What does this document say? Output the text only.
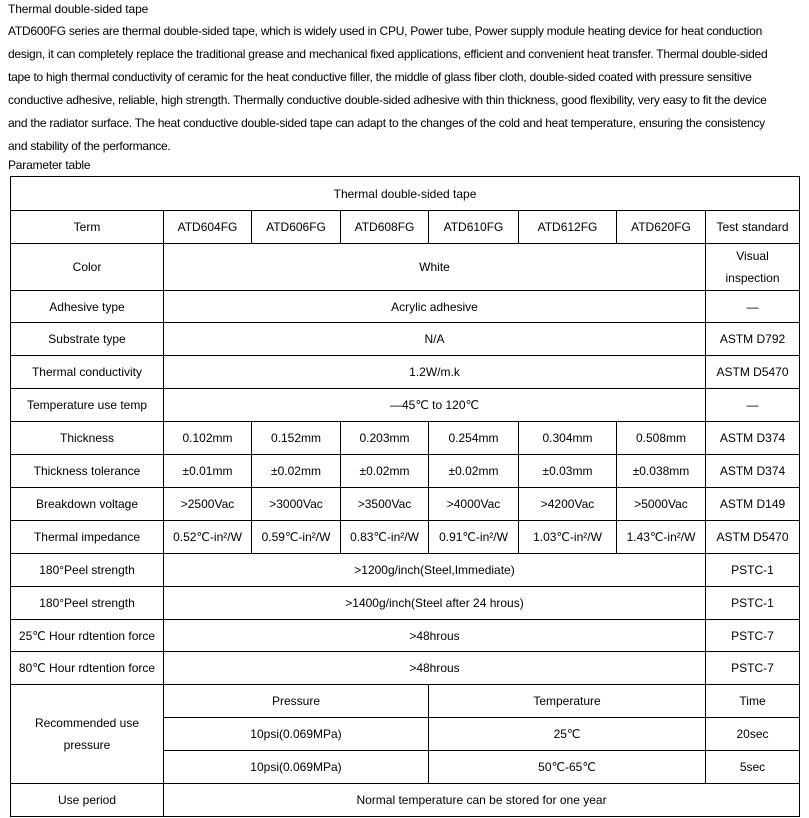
Thermal double-sided tape

ATD600FG series are thermal double-sided tape, which is widely used in CPU, Power tube, Power supply module heating device for heat conduction

design, it can completely replace the traditional grease and mechanical fixed applications, efficient and convenient heat transfer. Thermal double-sided

tape to high thermal conductivity of ceramic for the heat conductive filler, the middle of glass fiber cloth, double-sided coated with pressure sensitive

conductive adhesive, reliable, high strength. Thermally conductive double-sided adhesive with thin thickness, good flexibility, very easy to fit the device

and the radiator surface. The heat conductive double-sided tape can adapt to the changes of the cold and heat temperature, ensuring the consistency

and stability of the performance.

Parameter table
Thermal double-sided tape							
Term	ATD604FG	ATD606FG	ATD608FG	ATD610FG	ATD612FG	ATD620FG	Test standard
Color	White						Visual inspection
Adhesive type	Acrylic adhesive						—
Substrate type	N/A						ASTM D792
Thermal conductivity	1.2W/m.k						ASTM D5470
Temperature use temp	—45℃ to 120℃						—
Thickness	0.102mm	0.152mm	0.203mm	0.254mm	0.304mm	0.508mm	ASTM D374
Thickness tolerance	±0.01mm	±0.02mm	±0.02mm	±0.02mm	±0.03mm	±0.038mm	ASTM D374
Breakdown voltage	>2500Vac	>3000Vac	>3500Vac	>4000Vac	>4200Vac	>5000Vac	ASTM D149
Thermal impedance	0.52℃-in²/W	0.59℃-in²/W	0.83℃-in²/W	0.91℃-in²/W	1.03℃-in²/W	1.43℃-in²/W	ASTM D5470
180°Peel strength	>1200g/inch(Steel,Immediate)						PSTC-1
180°Peel strength	>1400g/inch(Steel after 24 hrous)						PSTC-1
25℃ Hour rdtention force	>48hrous						PSTC-7
80℃ Hour rdtention force	>48hrous						PSTC-7
Recommended use pressure	Pressure			Temperature			Time
	10psi(0.069MPa)			25℃			20sec
	10psi(0.069MPa)			50℃-65℃			5sec
Use period	Normal temperature can be stored for one year						
